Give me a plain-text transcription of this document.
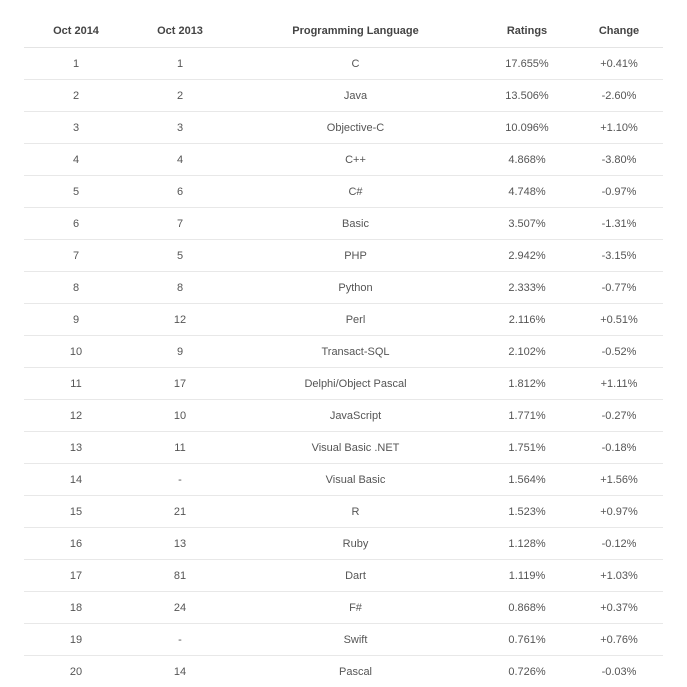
Oct 2014	Oct 2013	Programming Language	Ratings	Change
1	1	C	17.655%	+0.41%
2	2	Java	13.506%	-2.60%
3	3	Objective-C	10.096%	+1.10%
4	4	C++	4.868%	-3.80%
5	6	C#	4.748%	-0.97%
6	7	Basic	3.507%	-1.31%
7	5	PHP	2.942%	-3.15%
8	8	Python	2.333%	-0.77%
9	12	Perl	2.116%	+0.51%
10	9	Transact-SQL	2.102%	-0.52%
11	17	Delphi/Object Pascal	1.812%	+1.11%
12	10	JavaScript	1.771%	-0.27%
13	11	Visual Basic .NET	1.751%	-0.18%
14	-	Visual Basic	1.564%	+1.56%
15	21	R	1.523%	+0.97%
16	13	Ruby	1.128%	-0.12%
17	81	Dart	1.119%	+1.03%
18	24	F#	0.868%	+0.37%
19	-	Swift	0.761%	+0.76%
20	14	Pascal	0.726%	-0.03%
